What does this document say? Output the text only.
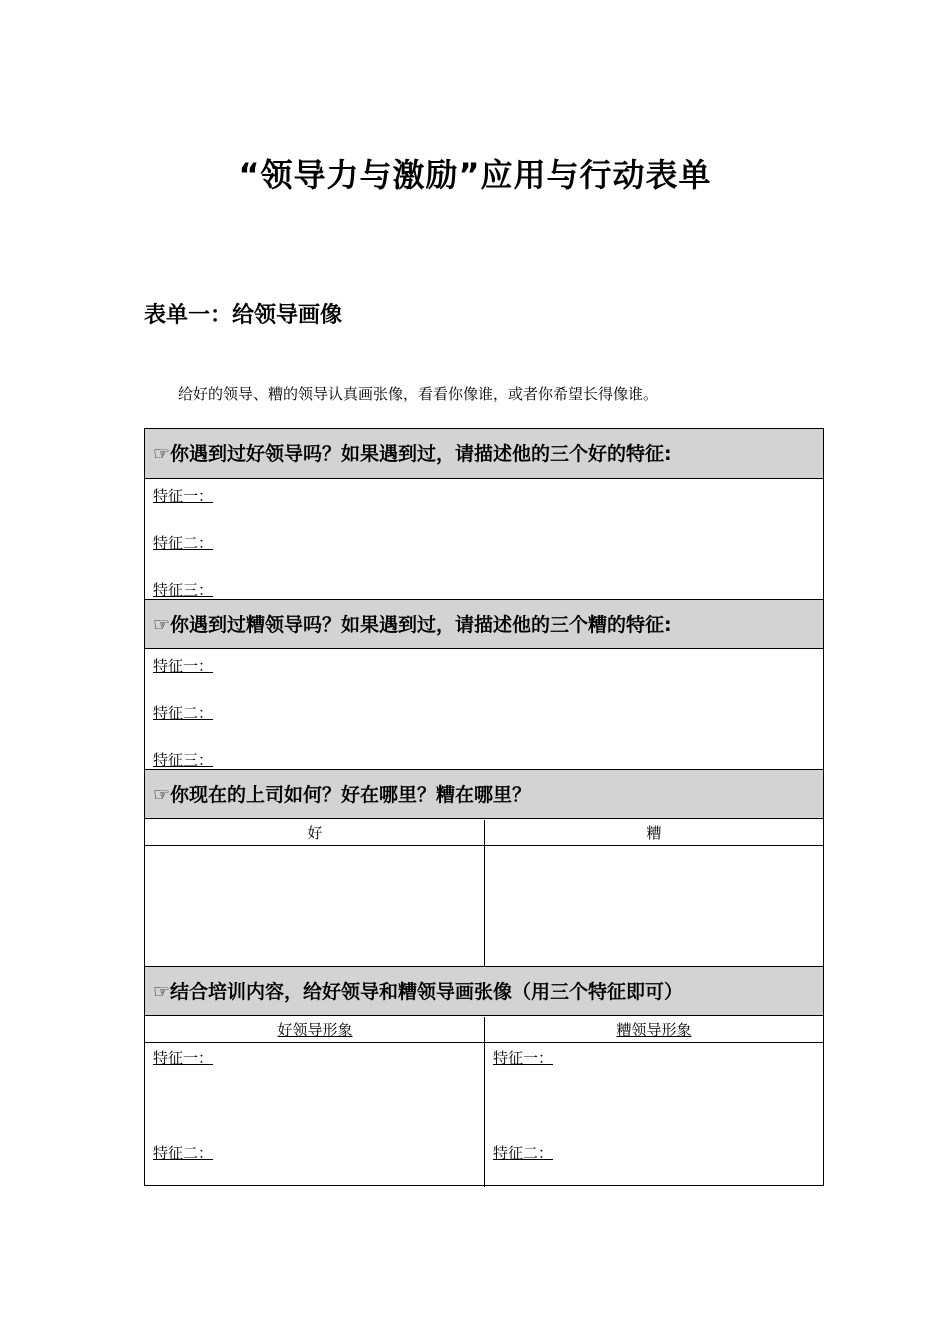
“领导力与激励”应用与行动表单
表单一：给领导画像
给好的领导、糟的领导认真画张像，看看你像谁，或者你希望长得像谁。
☞你遇到过好领导吗？如果遇到过，请描述他的三个好的特征:
特征一：
特征二：
特征三：
☞你遇到过糟领导吗？如果遇到过，请描述他的三个糟的特征:
特征一：
特征二：
特征三：
☞你现在的上司如何？好在哪里？糟在哪里？
好	糟
☞结合培训内容，给好领导和糟领导画张像（用三个特征即可）
好领导形象	糟领导形象
特征一：
特征二：
特征一：
特征二：
